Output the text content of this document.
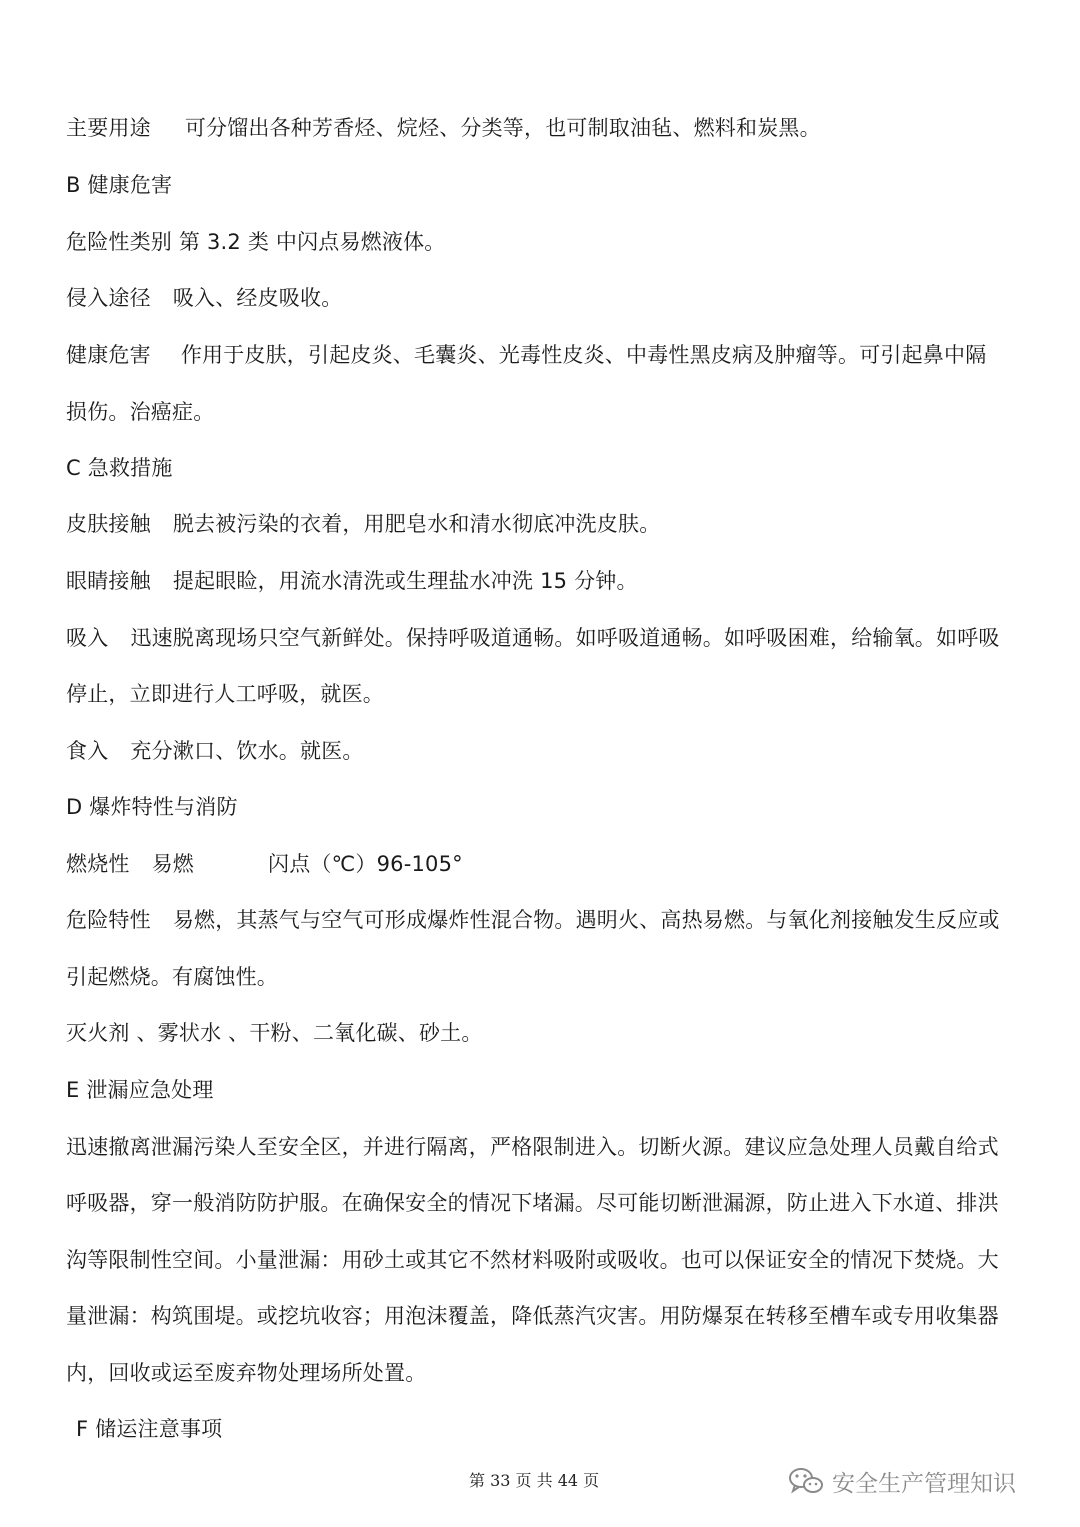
主要用途 可分馏出各种芳香烃、烷烃、分类等，也可制取油毡、燃料和炭黑。
B 健康危害
危险性类别 第 3.2 类 中闪点易燃液体。
侵入途径 吸入、经皮吸收。
健康危害 作用于皮肤，引起皮炎、毛囊炎、光毒性皮炎、中毒性黑皮病及肿瘤等。可引起鼻中隔
损伤。治癌症。
C 急救措施
皮肤接触 脱去被污染的衣着，用肥皂水和清水彻底冲洗皮肤。
眼睛接触 提起眼睑，用流水清洗或生理盐水冲洗 15 分钟。
吸入 迅速脱离现场只空气新鲜处。保持呼吸道通畅。如呼吸道通畅。如呼吸困难，给输氧。如呼吸
停止，立即进行人工呼吸，就医。
食入 充分漱口、饮水。就医。
D 爆炸特性与消防
燃烧性 易燃	闪点（℃）96-105°
危险特性 易燃，其蒸气与空气可形成爆炸性混合物。遇明火、高热易燃。与氧化剂接触发生反应或
引起燃烧。有腐蚀性。
灭火剂 、雾状水 、干粉、二氧化碳、砂土。
E 泄漏应急处理
迅速撤离泄漏污染人至安全区，并进行隔离，严格限制进入。切断火源。建议应急处理人员戴自给式
呼吸器，穿一般消防防护服。在确保安全的情况下堵漏。尽可能切断泄漏源，防止进入下水道、排洪
沟等限制性空间。小量泄漏：用砂土或其它不然材料吸附或吸收。也可以保证安全的情况下焚烧。大
量泄漏：构筑围堤。或挖坑收容；用泡沫覆盖，降低蒸汽灾害。用防爆泵在转移至槽车或专用收集器
内，回收或运至废弃物处理场所处置。
F 储运注意事项
第 33 页 共 44 页	安全生产管理知识
